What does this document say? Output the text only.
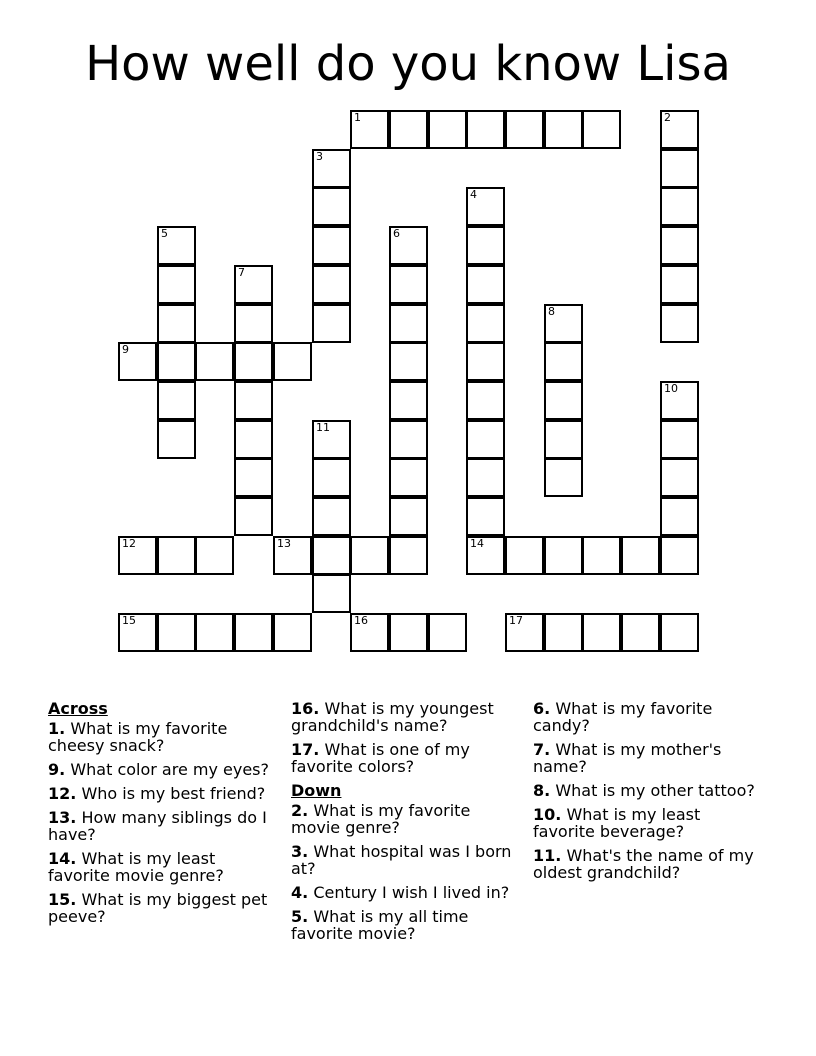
How well do you know Lisa
1	2
3
4
5	6
7
8
9
10
11
12	13	14
15	16	17
Across
1. What is my favorite cheesy snack?
9. What color are my eyes?
12. Who is my best friend?
13. How many siblings do I have?
14. What is my least favorite movie genre?
15. What is my biggest pet peeve?
16. What is my youngest grandchild's name?
17. What is one of my favorite colors?
Down
2. What is my favorite movie genre?
3. What hospital was I born at?
4. Century I wish I lived in?
5. What is my all time favorite movie?
6. What is my favorite candy?
7. What is my mother's name?
8. What is my other tattoo?
10. What is my least favorite beverage?
11. What's the name of my oldest grandchild?
